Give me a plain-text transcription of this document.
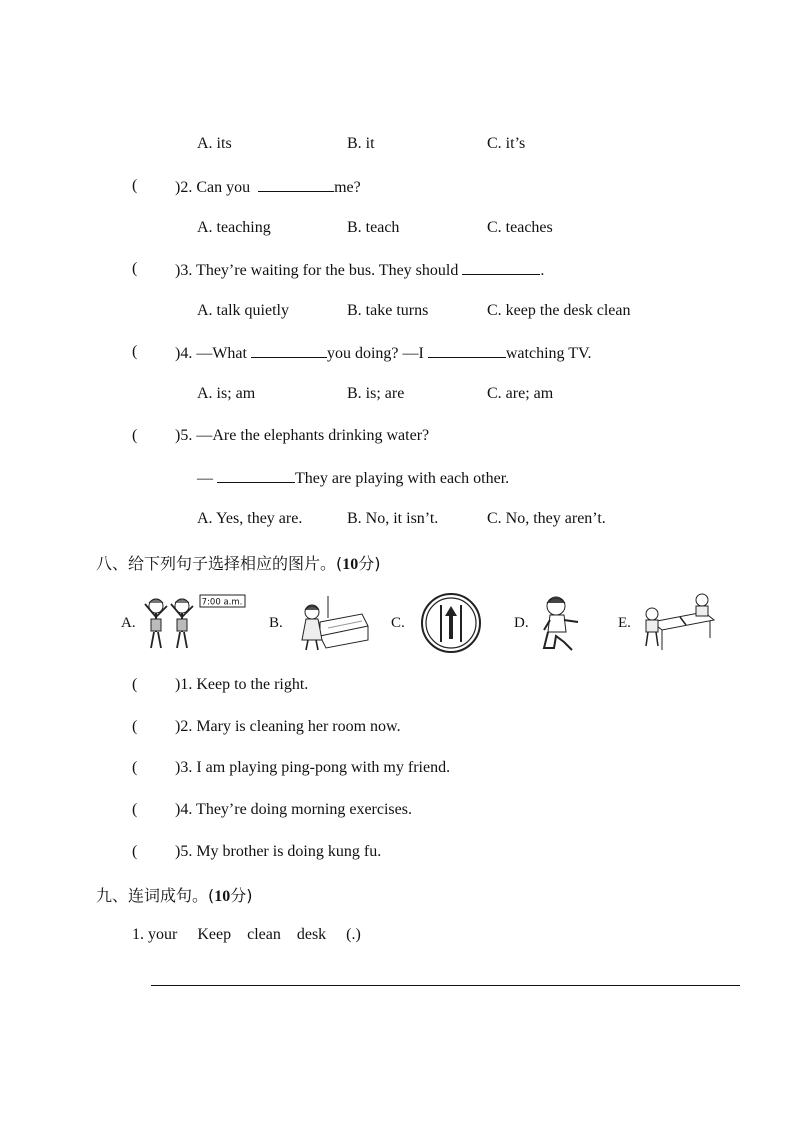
A. its	B. it	C. it’s
( )2. Can you	me?
A. teaching	B. teach	C. teaches
( )3. They’re waiting for the bus. They should	.
A. talk quietly	B. take turns	C. keep the desk clean
( )4. —What	you doing? —I	watching TV.
A. is; am	B. is; are	C. are; am
( )5. —Are the elephants drinking water?
—	They are playing with each other.
A. Yes, they are.	B. No, it isn’t.	C. No, they aren’t.
八、给下列句子选择相应的图片。(10分)
A.
7:00 a.m.
B.	C.	D.	E.
( )1. Keep to the right.
( )2. Mary is cleaning her room now.
( )3. I am playing ping-pong with my friend.
( )4. They’re doing morning exercises.
( )5. My brother is doing kung fu.
九、连词成句。(10分)
1. your     Keep    clean    desk     (.)
